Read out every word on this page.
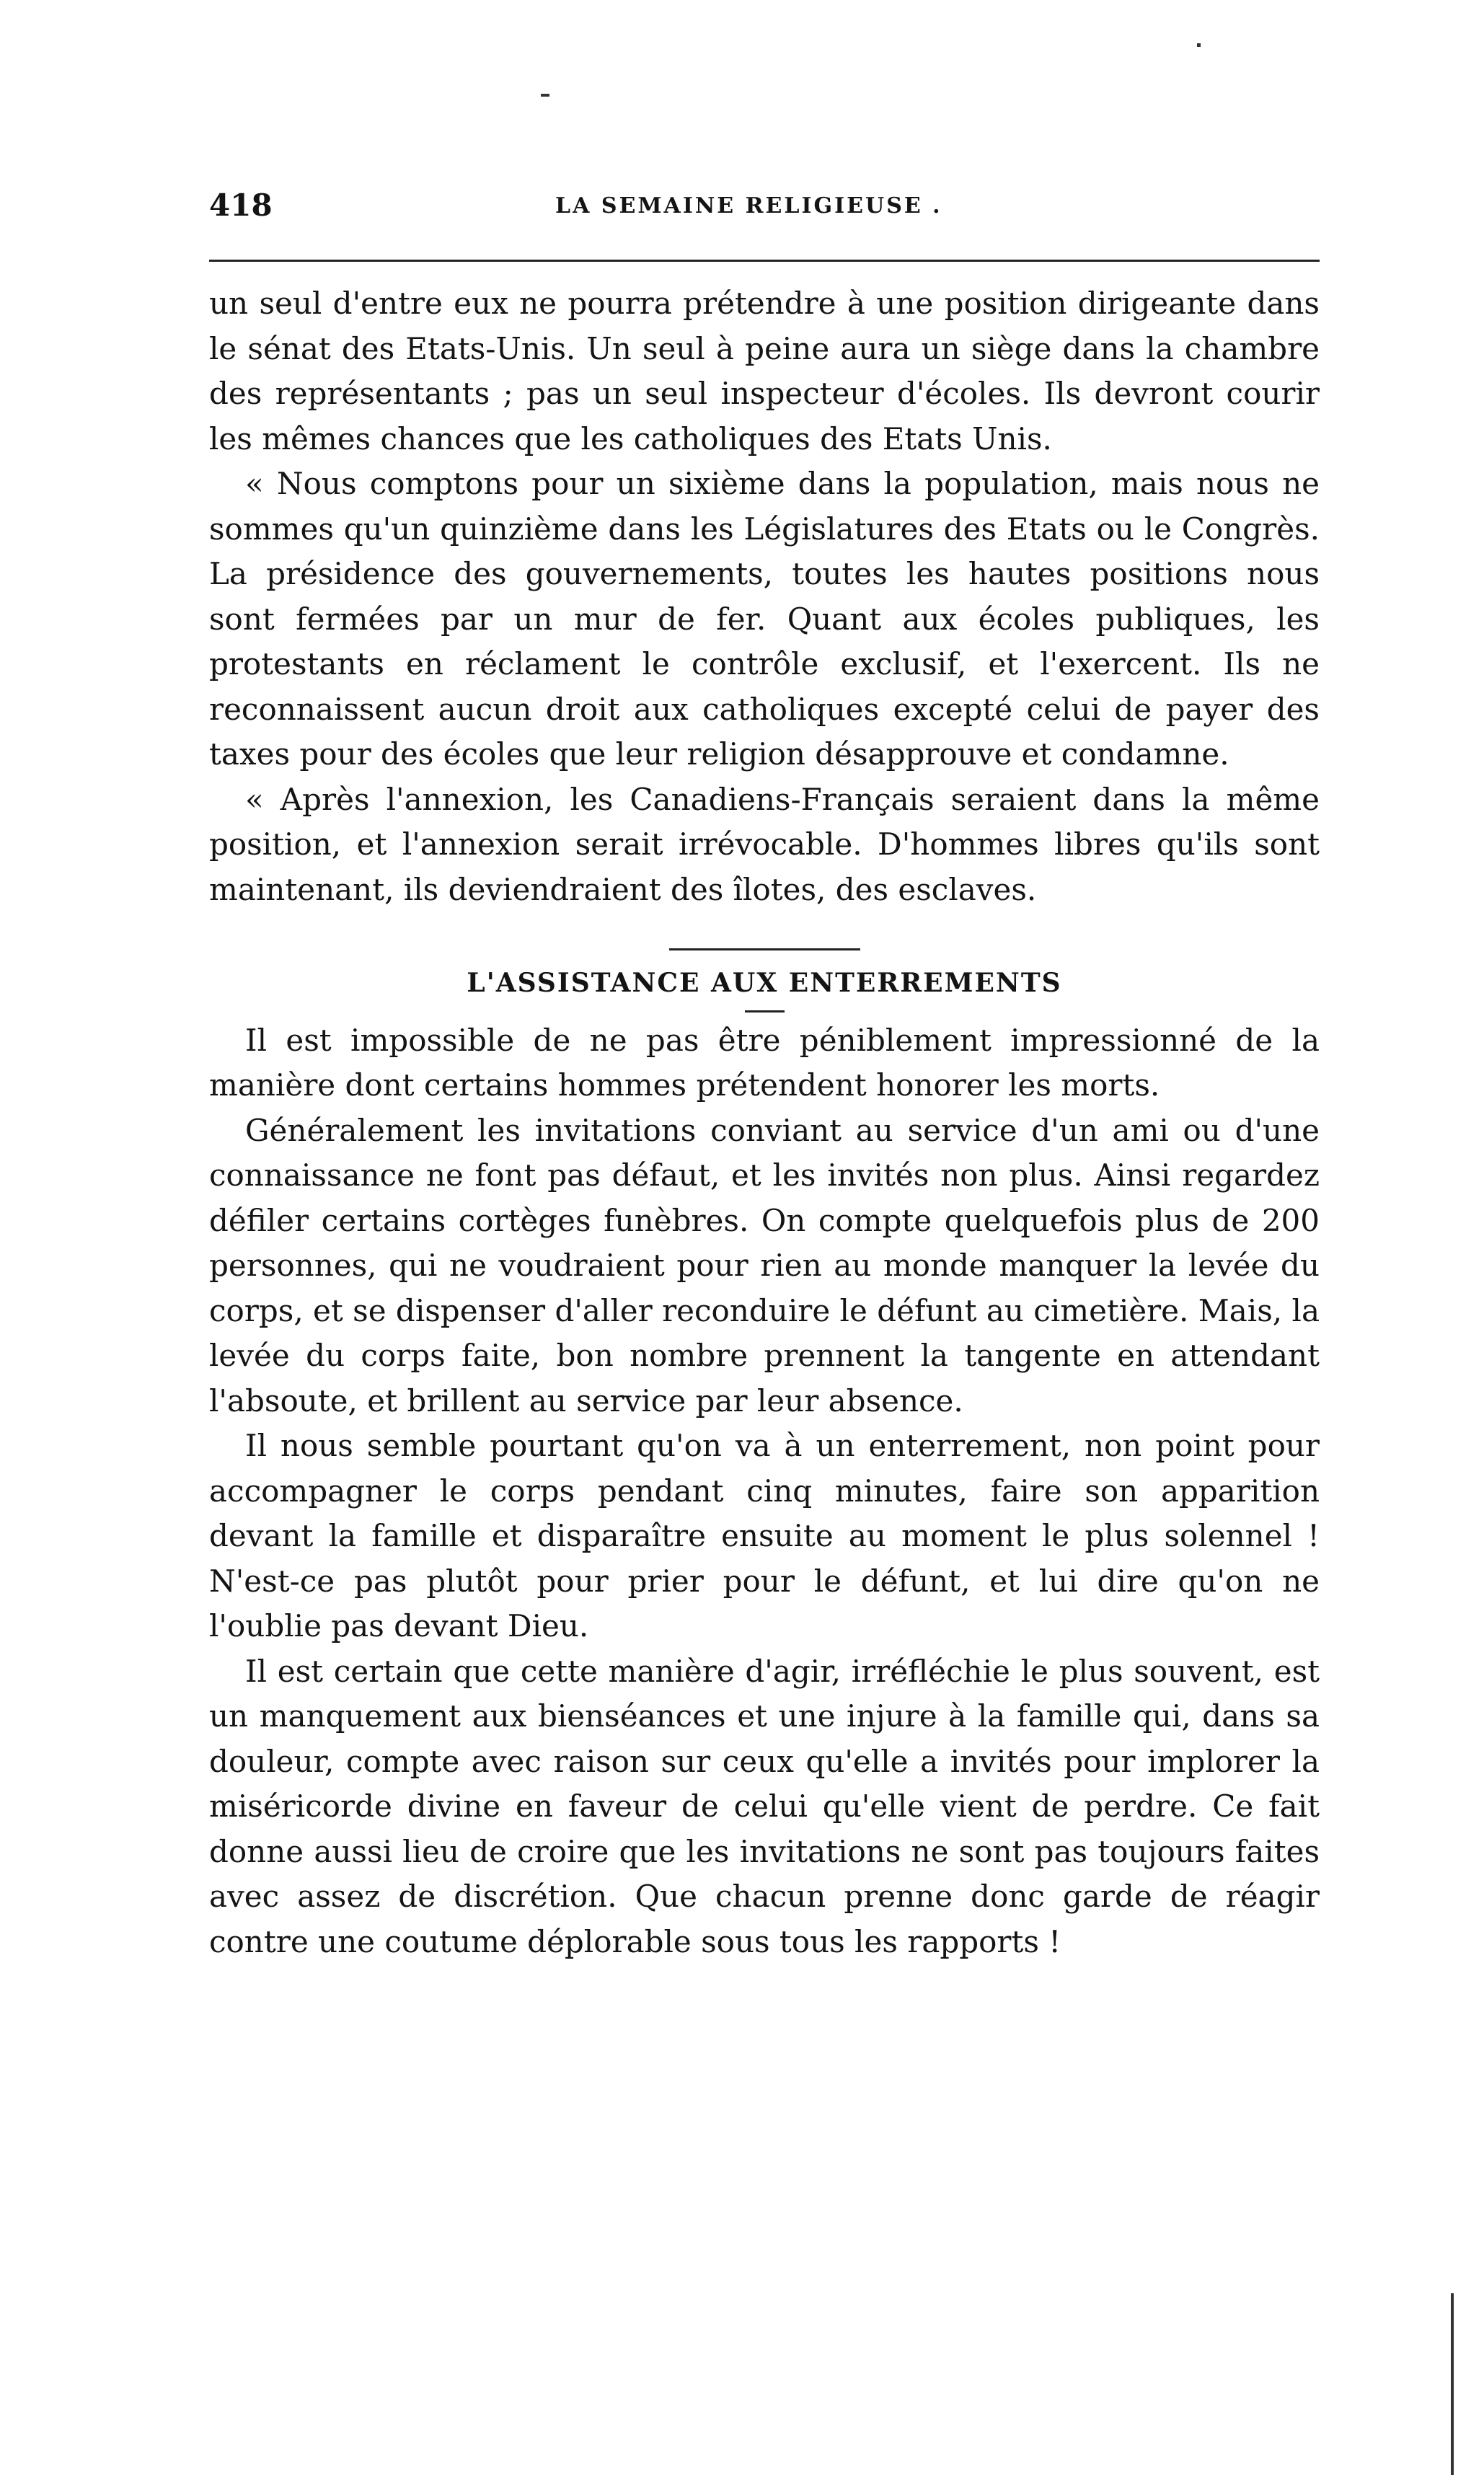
418	LA SEMAINE RELIGIEUSE .

un seul d'entre eux ne pourra prétendre à une position dirigeante dans le sénat des Etats-Unis. Un seul à peine aura un siège dans la chambre des représentants ; pas un seul inspecteur d'écoles. Ils devront courir les mêmes chances que les catholiques des Etats Unis.

« Nous comptons pour un sixième dans la population, mais nous ne sommes qu'un quinzième dans les Législatures des Etats ou le Congrès. La présidence des gouvernements, toutes les hautes positions nous sont fermées par un mur de fer. Quant aux écoles publiques, les protestants en réclament le contrôle exclusif, et l'exercent. Ils ne reconnaissent aucun droit aux catholiques excepté celui de payer des taxes pour des écoles que leur religion désapprouve et condamne.

« Après l'annexion, les Canadiens-Français seraient dans la même position, et l'annexion serait irrévocable. D'hommes libres qu'ils sont maintenant, ils deviendraient des îlotes, des esclaves.

L'ASSISTANCE AUX ENTERREMENTS

Il est impossible de ne pas être péniblement impressionné de la manière dont certains hommes prétendent honorer les morts.

Généralement les invitations conviant au service d'un ami ou d'une connaissance ne font pas défaut, et les invités non plus. Ainsi regardez défiler certains cortèges funèbres. On compte quelquefois plus de 200 personnes, qui ne voudraient pour rien au monde manquer la levée du corps, et se dispenser d'aller reconduire le défunt au cimetière. Mais, la levée du corps faite, bon nombre prennent la tangente en attendant l'absoute, et brillent au service par leur absence.

Il nous semble pourtant qu'on va à un enterrement, non point pour accompagner le corps pendant cinq minutes, faire son apparition devant la famille et disparaître ensuite au moment le plus solennel ! N'est-ce pas plutôt pour prier pour le défunt, et lui dire qu'on ne l'oublie pas devant Dieu.

Il est certain que cette manière d'agir, irréfléchie le plus souvent, est un manquement aux bienséances et une injure à la famille qui, dans sa douleur, compte avec raison sur ceux qu'elle a invités pour implorer la miséricorde divine en faveur de celui qu'elle vient de perdre. Ce fait donne aussi lieu de croire que les invitations ne sont pas toujours faites avec assez de discrétion. Que chacun prenne donc garde de réagir contre une coutume déplorable sous tous les rapports !
